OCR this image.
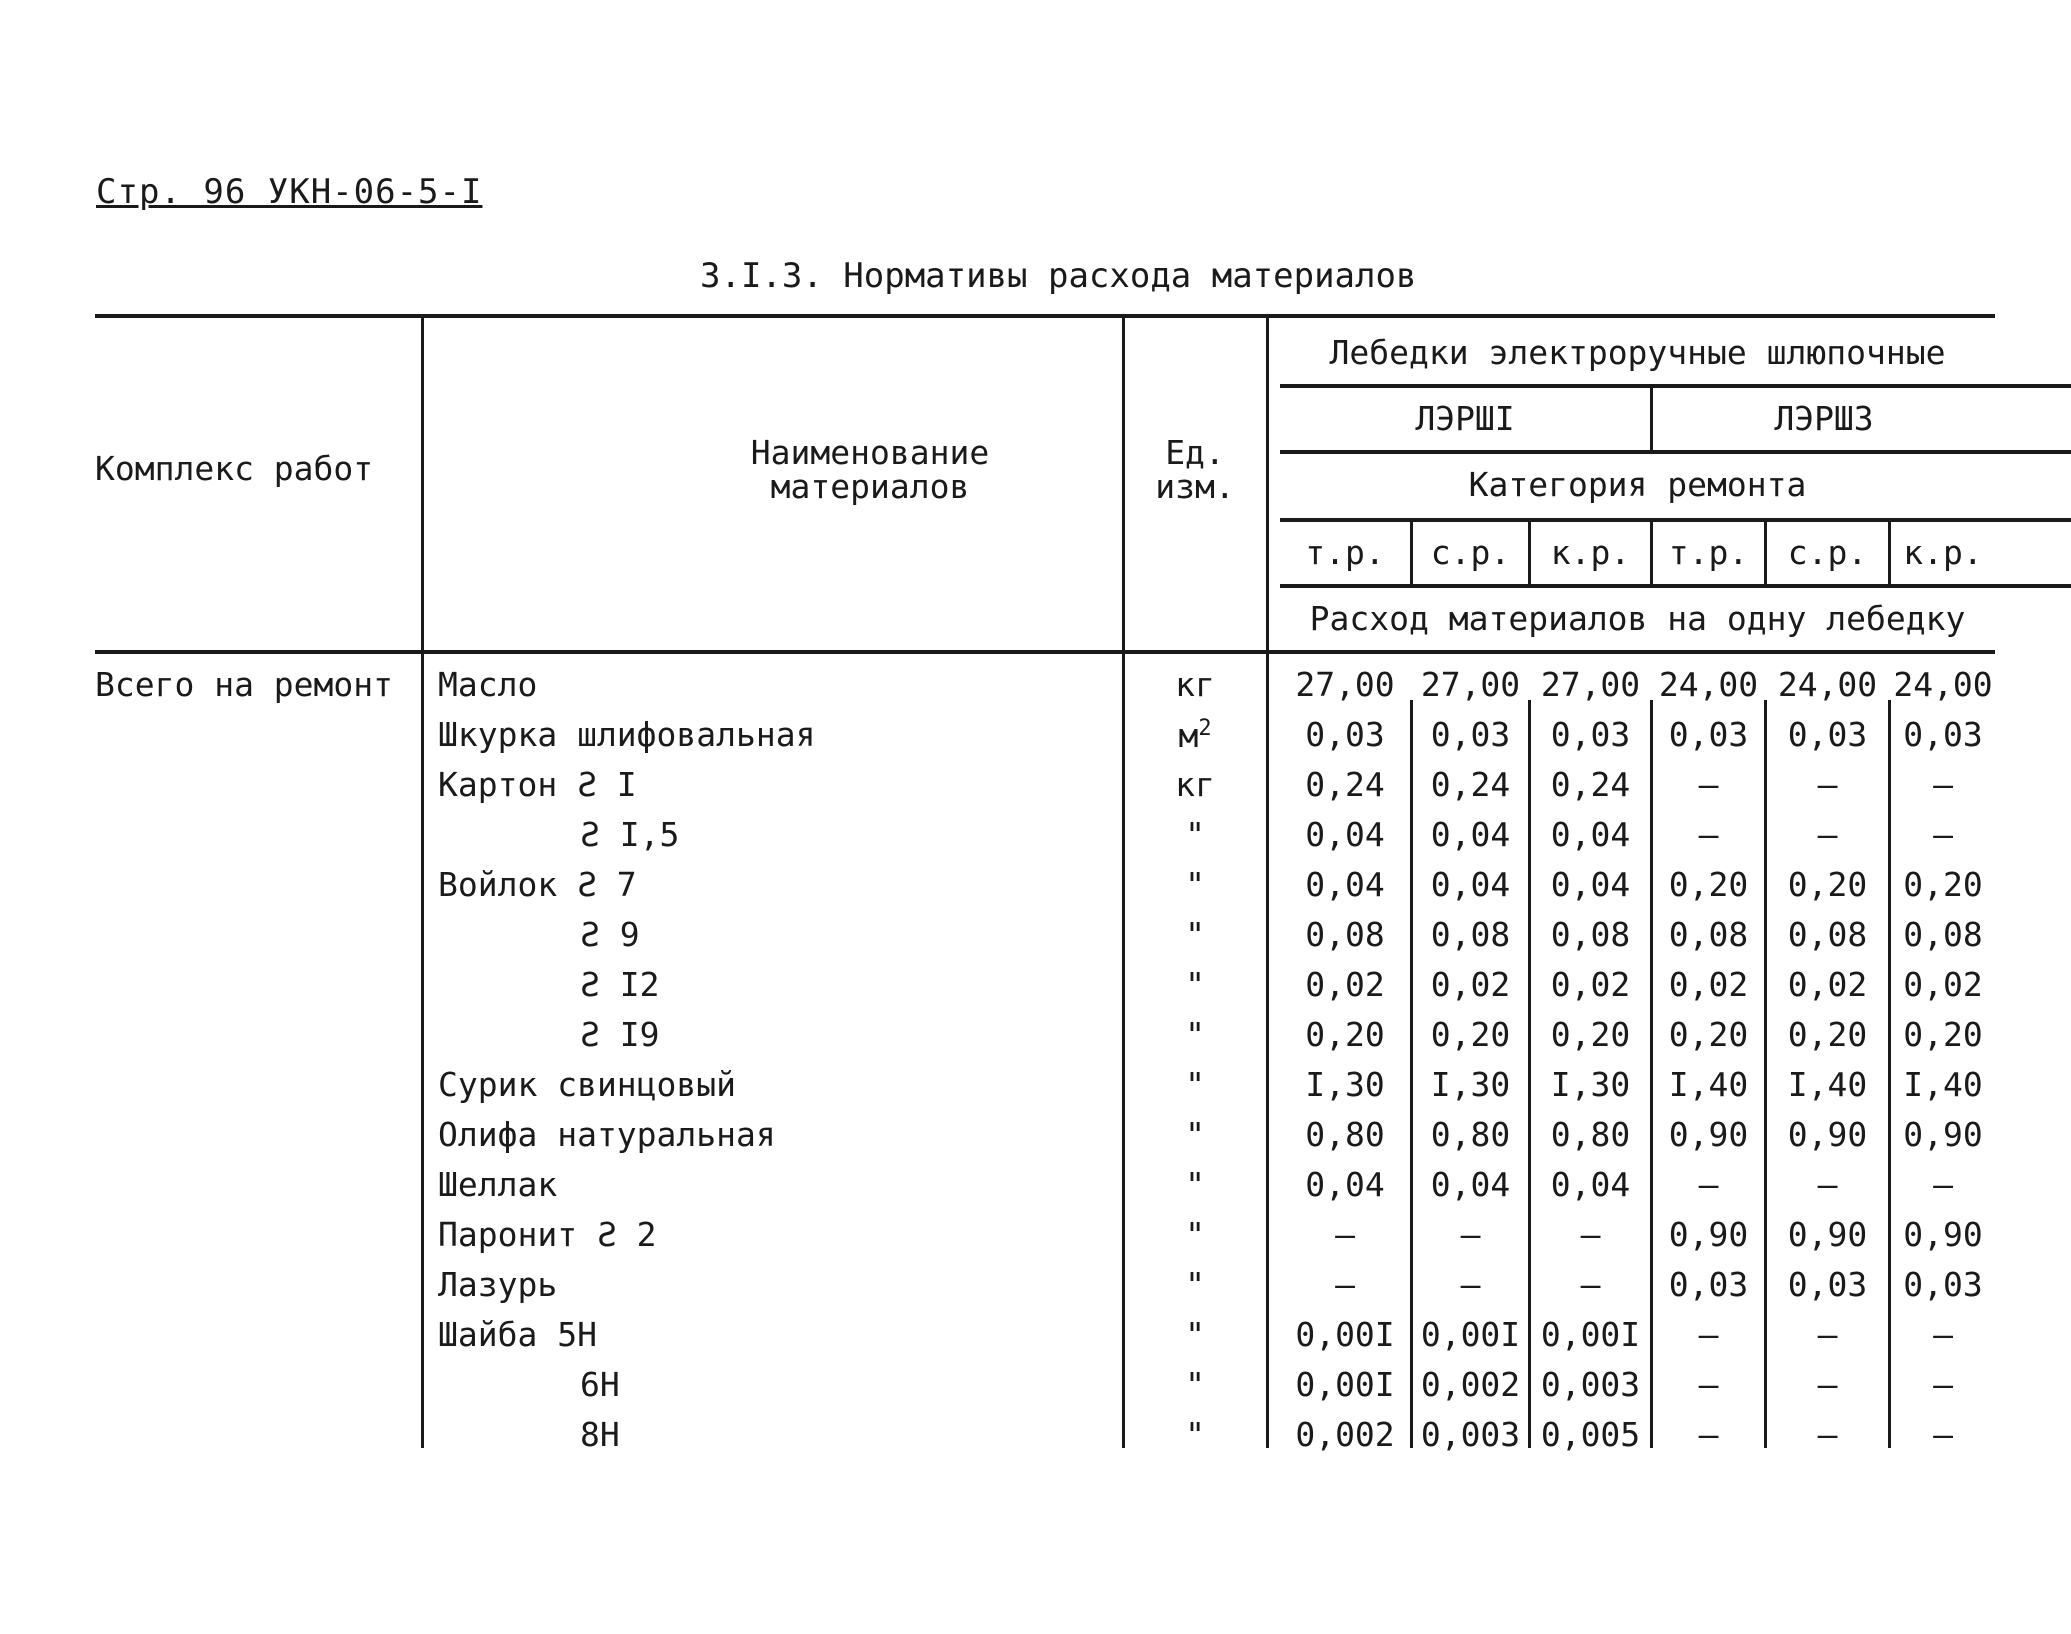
Стр. 96 УКН-06-5-I
3.I.3. Нормативы расхода материалов
Комплекс работ	Наименование
материалов
Ед.
изм.
Лебедки электроручные шлюпочные
ЛЭРШI	ЛЭРШЗ
Категория ремонта
т.р.	с.р.	к.р.	т.р.	с.р.	к.р.
Расход материалов на одну лебедку
Всего на ремонт Масло	кг	27,00 27,00 27,00 24,00 24,00 24,00
Шкурка шлифовальная	$м^2$	0,03	0,03	0,03	0,03	0,03	0,03
Картон Ƨ I	кг	0,24	0,24	0,24	–	–	–
Ƨ I,5	"	0,04	0,04	0,04	–	–	–
Войлок Ƨ 7	"	0,04	0,04	0,04	0,20	0,20	0,20
Ƨ 9	"	0,08	0,08	0,08	0,08	0,08	0,08
Ƨ I2	"	0,02	0,02	0,02	0,02	0,02	0,02
Ƨ I9	"	0,20	0,20	0,20	0,20	0,20	0,20
Сурик свинцовый	"	I,30	I,30	I,30	I,40	I,40	I,40
Олифа натуральная	"	0,80	0,80	0,80	0,90	0,90	0,90
Шеллак	"	0,04	0,04	0,04	–	–	–
Паронит Ƨ 2	"	–	–	–	0,90	0,90	0,90
Лазурь	"	–	–	–	0,03	0,03	0,03
Шайба 5Н	"	0,00I 0,00I 0,00I	–	–	–
6Н	"	0,00I 0,002 0,003	–	–	–
8Н	"	0,002 0,003 0,005	–	–	–
